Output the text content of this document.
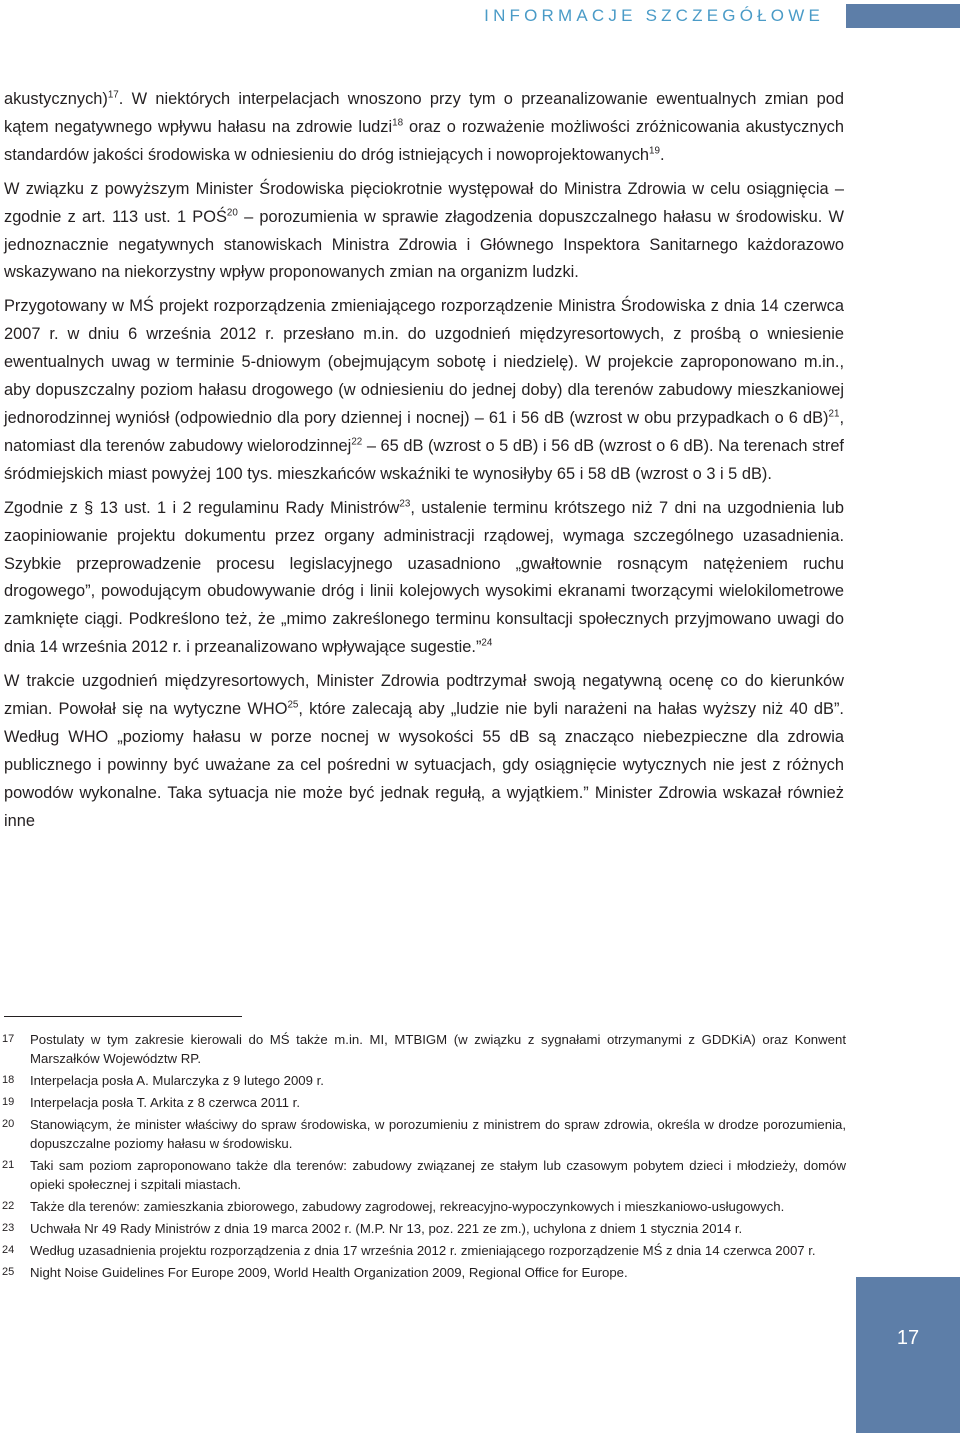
INFORMACJE SZCZEGÓŁOWE

akustycznych)$^{17}$. W niektórych interpelacjach wnoszono przy tym o przeanalizowanie ewentualnych zmian pod kątem negatywnego wpływu hałasu na zdrowie ludzi$^{18}$ oraz o rozważenie możliwości zróżnicowania akustycznych standardów jakości środowiska w odniesieniu do dróg istniejących i nowoprojektowanych$^{19}$.

W związku z powyższym Minister Środowiska pięciokrotnie występował do Ministra Zdrowia w celu osiągnięcia – zgodnie z art. 113 ust. 1 POŚ$^{20}$ – porozumienia w sprawie złagodzenia dopuszczalnego hałasu w środowisku. W jednoznacznie negatywnych stanowiskach Ministra Zdrowia i Głównego Inspektora Sanitarnego każdorazowo wskazywano na niekorzystny wpływ proponowanych zmian na organizm ludzki.

Przygotowany w MŚ projekt rozporządzenia zmieniającego rozporządzenie Ministra Środowiska z dnia 14 czerwca 2007 r. w dniu 6 września 2012 r. przesłano m.in. do uzgodnień międzyresortowych, z prośbą o wniesienie ewentualnych uwag w terminie 5-dniowym (obejmującym sobotę i niedzielę). W projekcie zaproponowano m.in., aby dopuszczalny poziom hałasu drogowego (w odniesieniu do jednej doby) dla terenów zabudowy mieszkaniowej jednorodzinnej wyniósł (odpowiednio dla pory dziennej i nocnej) – 61 i 56 dB (wzrost w obu przypadkach o 6 dB)$^{21}$, natomiast dla terenów zabudowy wielorodzinnej$^{22}$ – 65 dB (wzrost o 5 dB) i 56 dB (wzrost o 6 dB). Na terenach stref śródmiejskich miast powyżej 100 tys. mieszkańców wskaźniki te wynosiłyby 65 i 58 dB (wzrost o 3 i 5 dB).

Zgodnie z § 13 ust. 1 i 2 regulaminu Rady Ministrów$^{23}$, ustalenie terminu krótszego niż 7 dni na uzgodnienia lub zaopiniowanie projektu dokumentu przez organy administracji rządowej, wymaga szczególnego uzasadnienia. Szybkie przeprowadzenie procesu legislacyjnego uzasadniono „gwałtownie rosnącym natężeniem ruchu drogowego”, powodującym obudowywanie dróg i linii kolejowych wysokimi ekranami tworzącymi wielokilometrowe zamknięte ciągi. Podkreślono też, że „mimo zakreślonego terminu konsultacji społecznych przyjmowano uwagi do dnia 14 września 2012 r. i przeanalizowano wpływające sugestie.”$^{24}$

W trakcie uzgodnień międzyresortowych, Minister Zdrowia podtrzymał swoją negatywną ocenę co do kierunków zmian. Powołał się na wytyczne WHO$^{25}$, które zalecają aby „ludzie nie byli narażeni na hałas wyższy niż 40 dB”. Według WHO „poziomy hałasu w porze nocnej w wysokości 55 dB są znacząco niebezpieczne dla zdrowia publicznego i powinny być uważane za cel pośredni w sytuacjach, gdy osiągnięcie wytycznych nie jest z różnych powodów wykonalne. Taka sytuacja nie może być jednak regułą, a wyjątkiem.” Minister Zdrowia wskazał również inne

17	Postulaty w tym zakresie kierowali do MŚ także m.in. MI, MTBIGM (w związku z sygnałami otrzymanymi z GDDKiA) oraz Konwent Marszałków Województw RP.
18	Interpelacja posła A. Mularczyka z 9 lutego 2009 r.
19	Interpelacja posła T. Arkita z 8 czerwca 2011 r.
20	Stanowiącym, że minister właściwy do spraw środowiska, w porozumieniu z ministrem do spraw zdrowia, określa w drodze porozumienia, dopuszczalne poziomy hałasu w środowisku.
21	Taki sam poziom zaproponowano także dla terenów: zabudowy związanej ze stałym lub czasowym pobytem dzieci i młodzieży, domów opieki społecznej i szpitali miastach.
22	Także dla terenów: zamieszkania zbiorowego, zabudowy zagrodowej, rekreacyjno-wypoczynkowych i mieszkaniowo-usługowych.
23	Uchwała Nr 49 Rady Ministrów z dnia 19 marca 2002 r. (M.P. Nr 13, poz. 221 ze zm.), uchylona z dniem 1 stycznia 2014 r.
24	Według uzasadnienia projektu rozporządzenia z dnia 17 września 2012 r. zmieniającego rozporządzenie MŚ z dnia 14 czerwca 2007 r.
25	Night Noise Guidelines For Europe 2009, World Health Organization 2009, Regional Office for Europe.
17
